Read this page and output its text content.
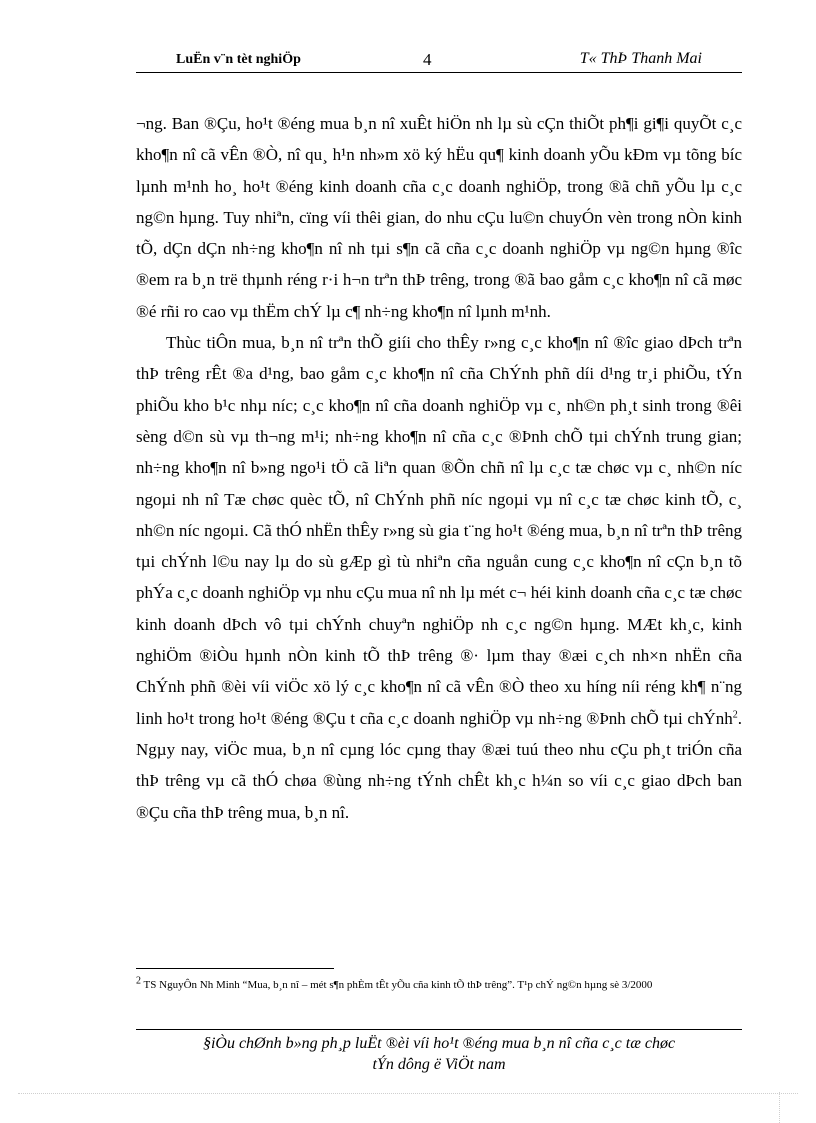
LuËn v¨n tèt nghiÖp	4	T« ThÞ Thanh Mai

¬ng. Ban ®Çu, ho¹t ®éng mua b¸n nî xuÊt hiÖn nh lµ sù cÇn thiÕt ph¶i gi¶i quyÕt c¸c kho¶n nî cã vÊn ®Ò, nî qu¸ h¹n nh»m xö ký hËu qu¶ kinh doanh yÕu kÐm vµ tõng bíc lµnh m¹nh ho¸ ho¹t ®éng kinh doanh cña c¸c doanh nghiÖp, trong ®ã chñ yÕu lµ c¸c ng©n hµng. Tuy nhiªn, cïng víi thêi gian, do nhu cÇu lu©n chuyÓn vèn trong nÒn kinh tÕ, dÇn dÇn nh÷ng kho¶n nî nh tµi s¶n cã cña c¸c doanh nghiÖp vµ ng©n hµng ®îc ®em ra b¸n trë thµnh réng r·i h¬n trªn thÞ trêng, trong ®ã bao gåm c¸c kho¶n nî cã møc ®é rñi ro cao vµ thËm chÝ lµ c¶ nh÷ng kho¶n nî lµnh m¹nh.

Thùc tiÔn mua, b¸n nî trªn thÕ giíi cho thÊy r»ng c¸c kho¶n nî ®îc giao dÞch trªn thÞ trêng rÊt ®a d¹ng, bao gåm c¸c kho¶n nî cña ChÝnh phñ díi d¹ng tr¸i phiÕu, tÝn phiÕu kho b¹c nhµ níc; c¸c kho¶n nî cña doanh nghiÖp vµ c¸ nh©n ph¸t sinh trong ®êi sèng d©n sù vµ th¬ng m¹i; nh÷ng kho¶n nî cña c¸c ®Þnh chÕ tµi chÝnh trung gian; nh÷ng kho¶n nî b»ng ngo¹i tÖ cã liªn quan ®Õn chñ nî lµ c¸c tæ chøc vµ c¸ nh©n níc ngoµi nh nî Tæ chøc quèc tÕ, nî ChÝnh phñ níc ngoµi vµ nî c¸c tæ chøc kinh tÕ, c¸ nh©n níc ngoµi. Cã thÓ nhËn thÊy r»ng sù gia t¨ng ho¹t ®éng mua, b¸n nî trªn thÞ trêng tµi chÝnh l©u nay lµ do sù gÆp gì tù nhiªn cña nguån cung c¸c kho¶n nî cÇn b¸n tõ phÝa c¸c doanh nghiÖp vµ nhu cÇu mua nî nh lµ mét c¬ héi kinh doanh cña c¸c tæ chøc kinh doanh dÞch vô tµi chÝnh chuyªn nghiÖp nh c¸c ng©n hµng. MÆt kh¸c, kinh nghiÖm ®iÒu hµnh nÒn kinh tÕ thÞ trêng ®· lµm thay ®æi c¸ch nh×n nhËn cña ChÝnh phñ ®èi víi viÖc xö lý c¸c kho¶n nî cã vÊn ®Ò theo xu híng níi réng kh¶ n¨ng linh ho¹t trong ho¹t ®éng ®Çu t cña c¸c doanh nghiÖp vµ nh÷ng ®Þnh chÕ tµi chÝnh$^2$. Ngµy nay, viÖc mua, b¸n nî cµng lóc cµng thay ®æi tuú theo nhu cÇu ph¸t triÓn cña thÞ trêng vµ cã thÓ chøa ®ùng nh÷ng tÝnh chÊt kh¸c h¼n so víi c¸c giao dÞch ban ®Çu cña thÞ trêng mua, b¸n nî.

$^2$ TS NguyÔn Nh Minh “Mua, b¸n nî – mét s¶n phÈm tÊt yÕu cña kinh tÕ thÞ trêng”. T¹p chÝ ng©n hµng sè 3/2000
§iÒu chØnh b»ng ph¸p luËt ®èi víi ho¹t ®éng mua b¸n nî cña c¸c tæ chøc
tÝn dông ë ViÖt nam
